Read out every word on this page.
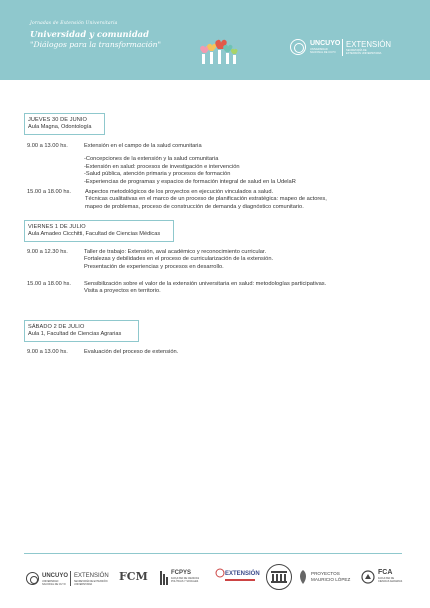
Jornadas de Extensión Universitaria
Universidad y comunidad
"Diálogos para la transformación"	UNCUYO
UNIVERSIDAD
NACIONAL DE CUYO
EXTENSIÓN
SECRETARÍA DE
EXTENSIÓN UNIVERSITARIA
JUEVES 30 DE JUNIO
Aula Magna, Odontología
9.00 a 13.00 hs.	Extensión en el campo de la salud comunitaria
-Concepciones de la extensión y la salud comunitaria
-Extensión en salud: procesos de investigación e intervención
-Salud pública, atención primaria y procesos de formación
-Experiencias de programas y espacios de formación integral de salud en la UdelaR
15.00 a 18.00 hs. Aspectos metodológicos de los proyectos en ejecución vinculados a salud.
Técnicas cualitativas en el marco de un proceso de planificación estratégica: mapeo de actores,
mapeo de problemas, proceso de construcción de demanda y diagnóstico comunitario.
VIERNES 1 DE JULIO
Aula Amadeo Cicchitti, Facultad de Ciencias Médicas
9.00 a 12.30 hs.	Taller de trabajo: Extensión, aval académico y reconocimiento curricular.
Fortalezas y debilidades en el proceso de curricularización de la extensión.
Presentación de experiencias y procesos en desarrollo.
15.00 a 18.00 hs. Sensibilización sobre el valor de la extensión universitaria en salud: metodologías participativas.
Visita a proyectos en territorio.
SÁBADO 2 DE JULIO
Aula 1, Facultad de Ciencias Agrarias
9.00 a 13.00 hs.	Evaluación del proceso de extensión.
UNCUYO
UNIVERSIDAD NACIONAL DE CUYO
EXTENSIÓN
SECRETARÍA DE EXTENSIÓN UNIVERSITARIA
FCM	FCPYS
FACULTAD DE CIENCIAS POLÍTICAS Y SOCIALES
EXTENSIÓN	PROYECTOS
MAURICIO LÓPEZ
FCA
FACULTAD DE CIENCIAS AGRARIAS
